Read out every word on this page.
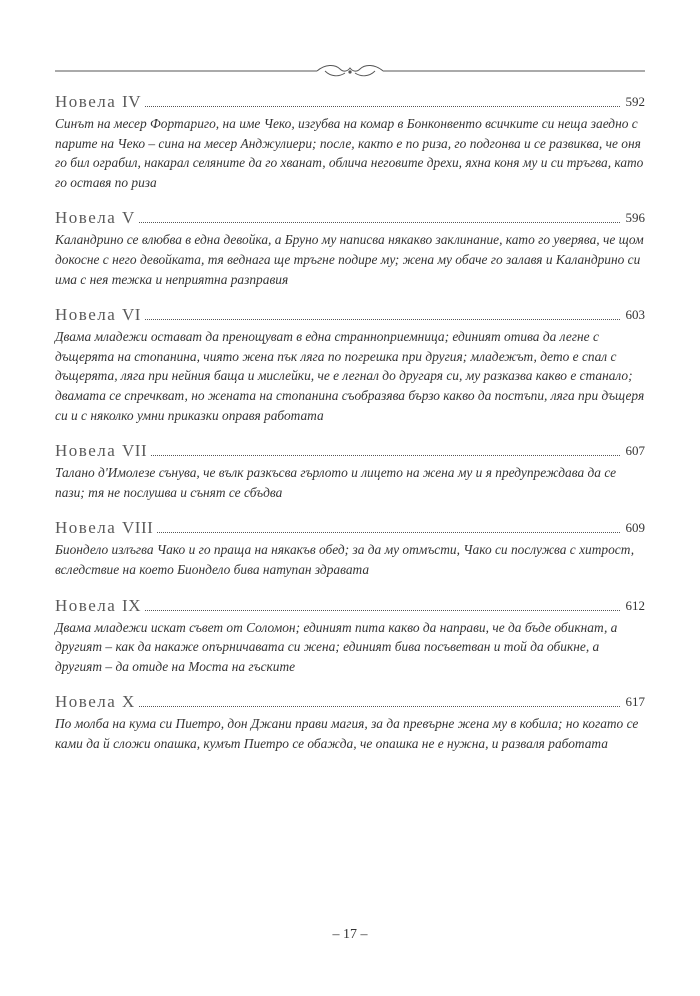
Новела IV	592
Синът на месер Фортариго, на име Чеко, изгубва на комар в Бонконвенто всичките си неща заедно с парите на Чеко – сина на месер Анджулиери; после, както е по риза, го подгонва и се развиква, че оня го бил ограбил, накарал селяните да го хванат, облича неговите дрехи, яхна коня му и си тръгва, като го оставя по риза
Новела V	596
Каландрино се влюбва в една девойка, а Бруно му написва някакво заклинание, като го уверява, че щом докосне с него девойката, тя веднага ще тръгне подире му; жена му обаче го залавя и Каландрино си има с нея тежка и неприятна разправия
Новела VI	603
Двама младежи остават да пренощуват в една странноприемница; единият отива да легне с дъщерята на стопанина, чиято жена пък ляга по погрешка при другия; младежът, дето е спал с дъщерята, ляга при нейния баща и мислейки, че е легнал до другаря си, му разказва какво е станало; двамата се спречкват, но жената на стопанина съобразява бързо какво да постъпи, ляга при дъщеря си и с няколко умни приказки оправя работата
Новела VII	607
Талано д'Имолезе сънува, че вълк разкъсва гърлото и лицето на жена му и я предупреждава да се пази; тя не послушва и сънят се сбъдва
Новела VIII	609
Биондело излъгва Чако и го праща на някакъв обед; за да му отмъсти, Чако си послужва с хитрост, вследствие на което Биондело бива натупан здравата
Новела IX	612
Двама младежи искат съвет от Соломон; единият пита какво да направи, че да бъде обикнат, а другият – как да накаже опърничавата си жена; единият бива посъветван и той да обикне, а другият – да отиде на Моста на гъските
Новела X	617
По молба на кума си Пиетро, дон Джани прави магия, за да превърне жена му в кобила; но когато се ками да й сложи опашка, кумът Пиетро се обажда, че опашка не е нужна, и разваля работата
– 17 –
